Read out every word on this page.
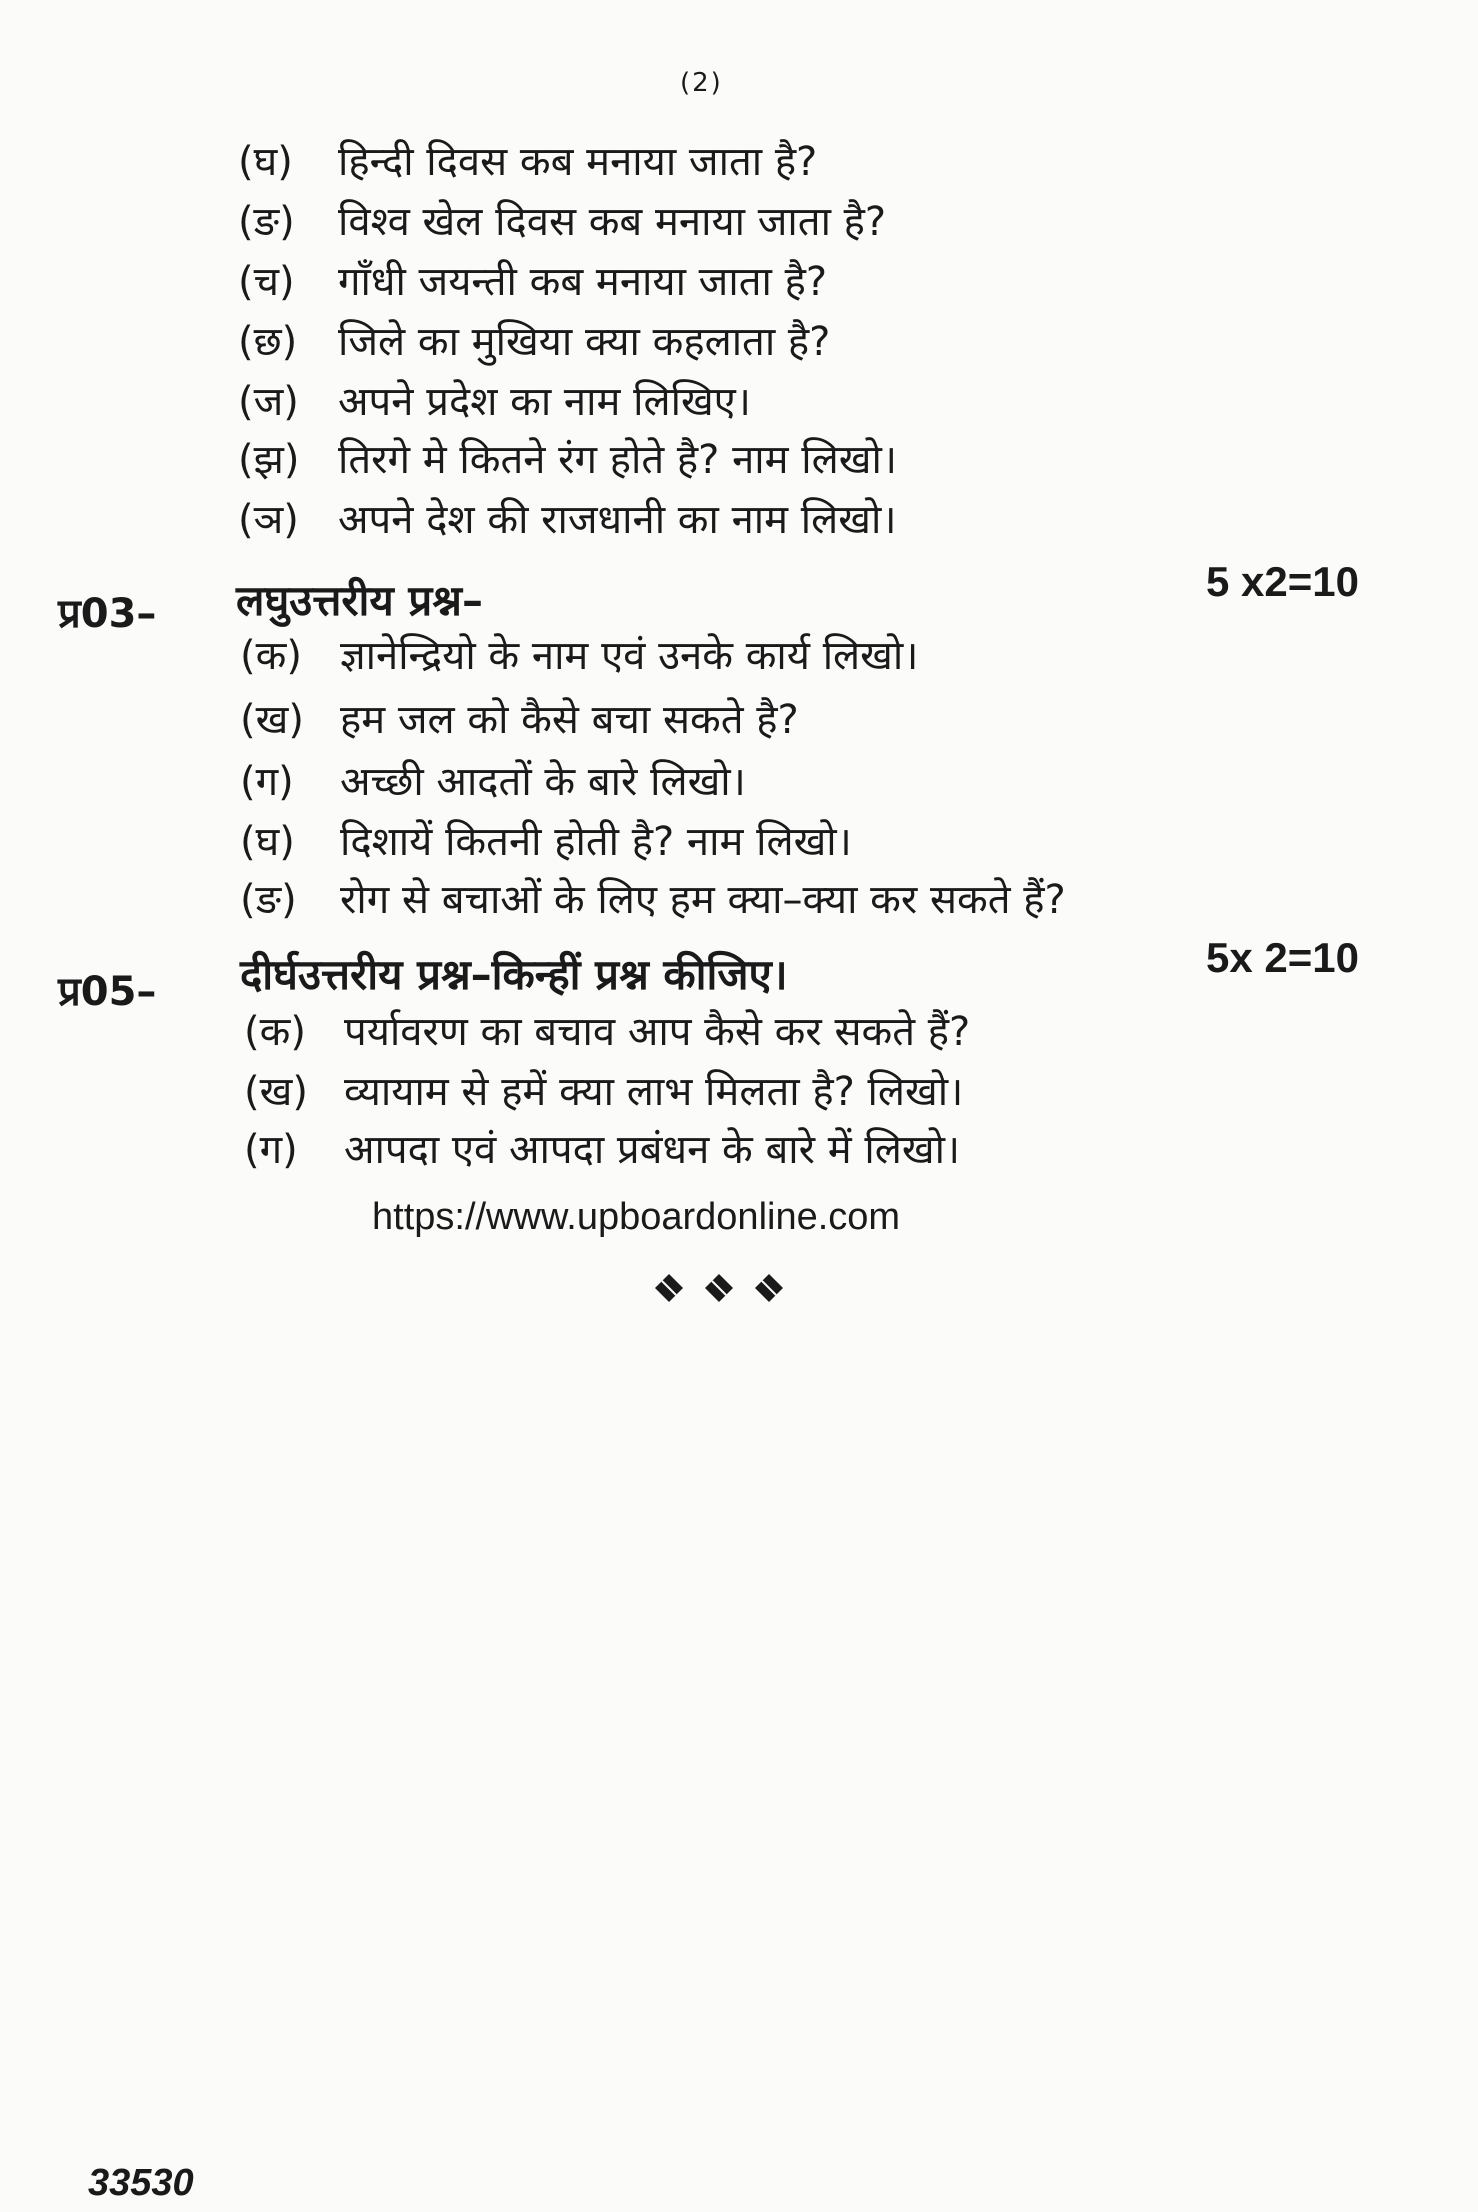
(2)
(घ) हिन्दी दिवस कब मनाया जाता है?
(ङ) विश्व खेल दिवस कब मनाया जाता है?
(च) गाँधी जयन्ती कब मनाया जाता है?
(छ) जिले का मुखिया क्या कहलाता है?
(ज) अपने प्रदेश का नाम लिखिए।
(झ) तिरगे मे कितने रंग होते है? नाम लिखो।
(ञ) अपने देश की राजधानी का नाम लिखो।
प्र03– लघुउत्तरीय प्रश्न–	5 x2=10
(क) ज्ञानेन्द्रियो के नाम एवं उनके कार्य लिखो।
(ख) हम जल को कैसे बचा सकते है?
(ग) अच्छी आदतों के बारे लिखो।
(घ) दिशायें कितनी होती है? नाम लिखो।
(ङ) रोग से बचाओं के लिए हम क्या–क्या कर सकते हैं?
प्र05– दीर्घउत्तरीय प्रश्न–किन्हीं प्रश्न कीजिए।	5x 2=10
(क) पर्यावरण का बचाव आप कैसे कर सकते हैं?
(ख) व्यायाम से हमें क्या लाभ मिलता है? लिखो।
(ग) आपदा एवं आपदा प्रबंधन के बारे में लिखो।
https://www.upboardonline.com
33530
